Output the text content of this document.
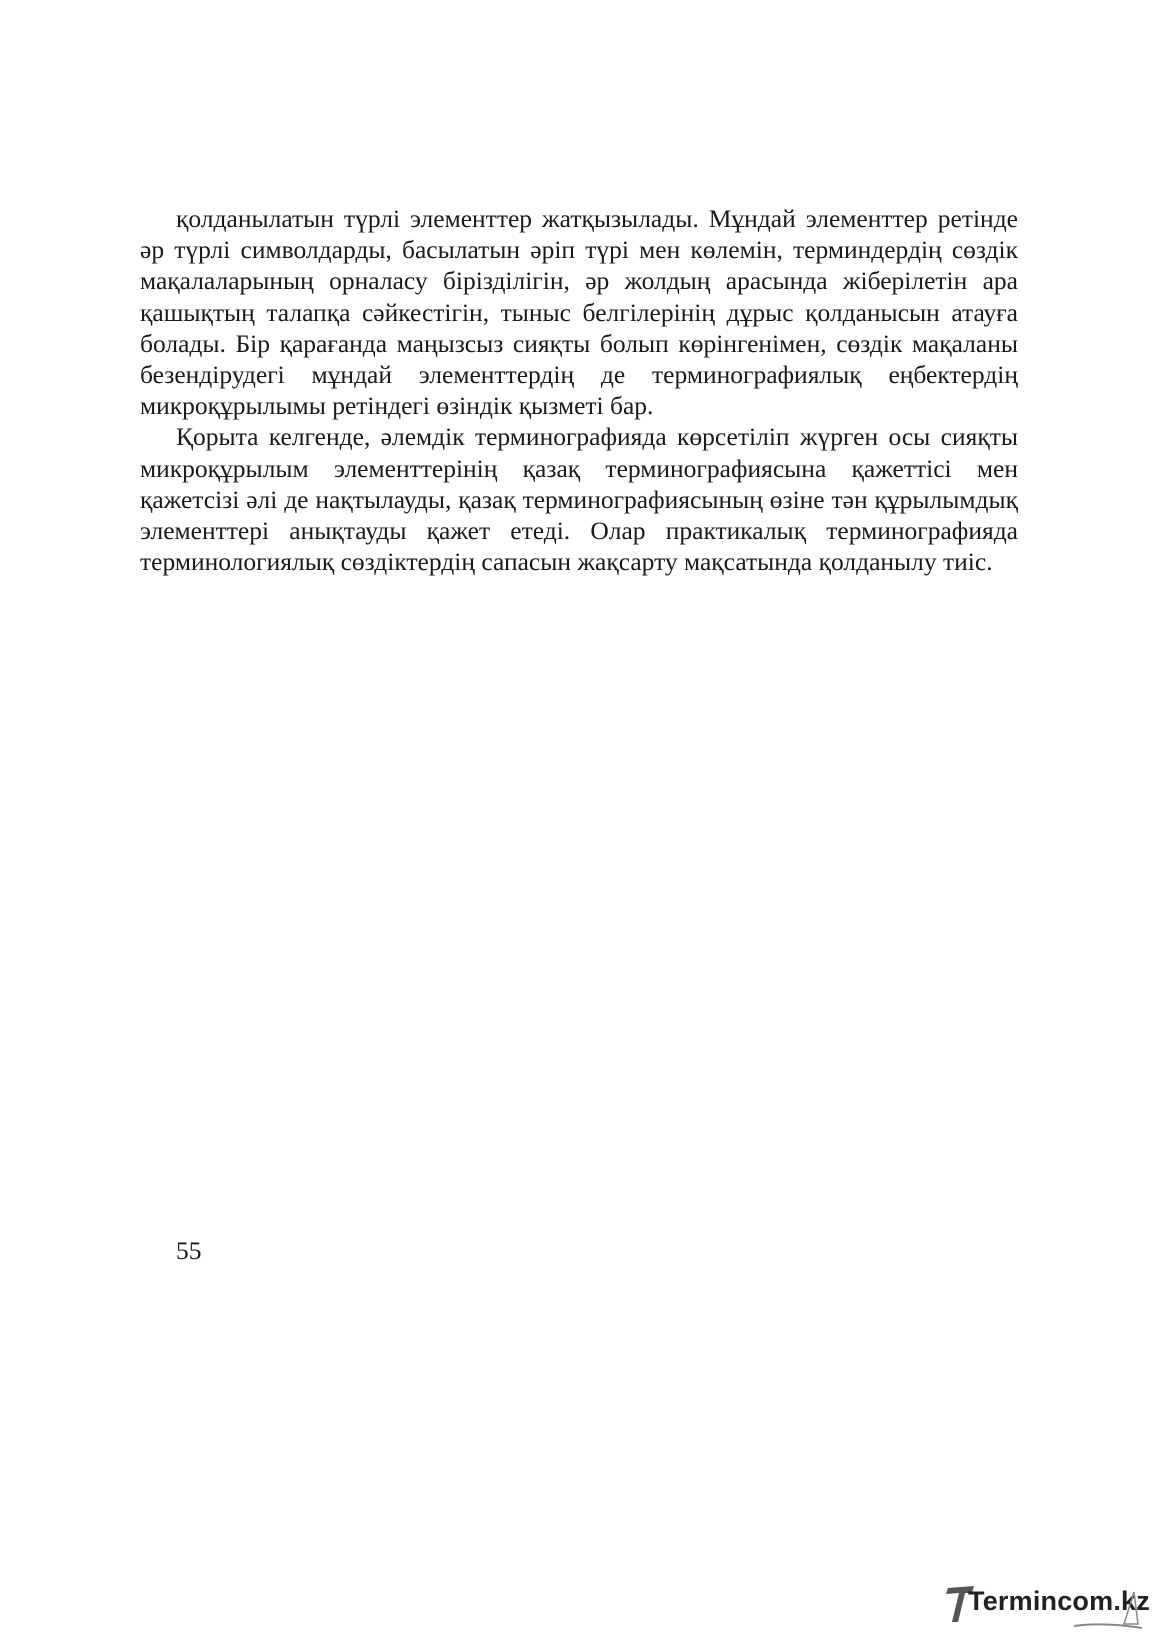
қолданылатын түрлі элементтер жатқызылады. Мұндай элементтер ретінде әр түрлі символдарды, басылатын әріп түрі мен көлемін, терминдердің сөздік мақалаларының орналасу бірізділігін, әр жолдың арасында жіберілетін ара қашықтың талапқа сәйкестігін, тыныс белгілерінің дұрыс қолданысын атауға болады. Бір қарағанда маңызсыз сияқты болып көрінгенімен, сөздік мақаланы безендірудегі мұндай элементтердің де терминографиялық еңбектердің микроқұрылымы ретіндегі өзіндік қызметі бар.

Қорыта келгенде, әлемдік терминографияда көрсетіліп жүрген осы сияқты микроқұрылым элементтерінің қазақ терминографиясына қажеттісі мен қажетсізі әлі де нақтылауды, қазақ терминографиясының өзіне тән құрылымдық элементтері анықтауды қажет етеді. Олар практикалық терминографияда терминологиялық сөздіктердің сапасын жақсарту мақсатында қолданылу тиіс.

55
Termincom.kz
